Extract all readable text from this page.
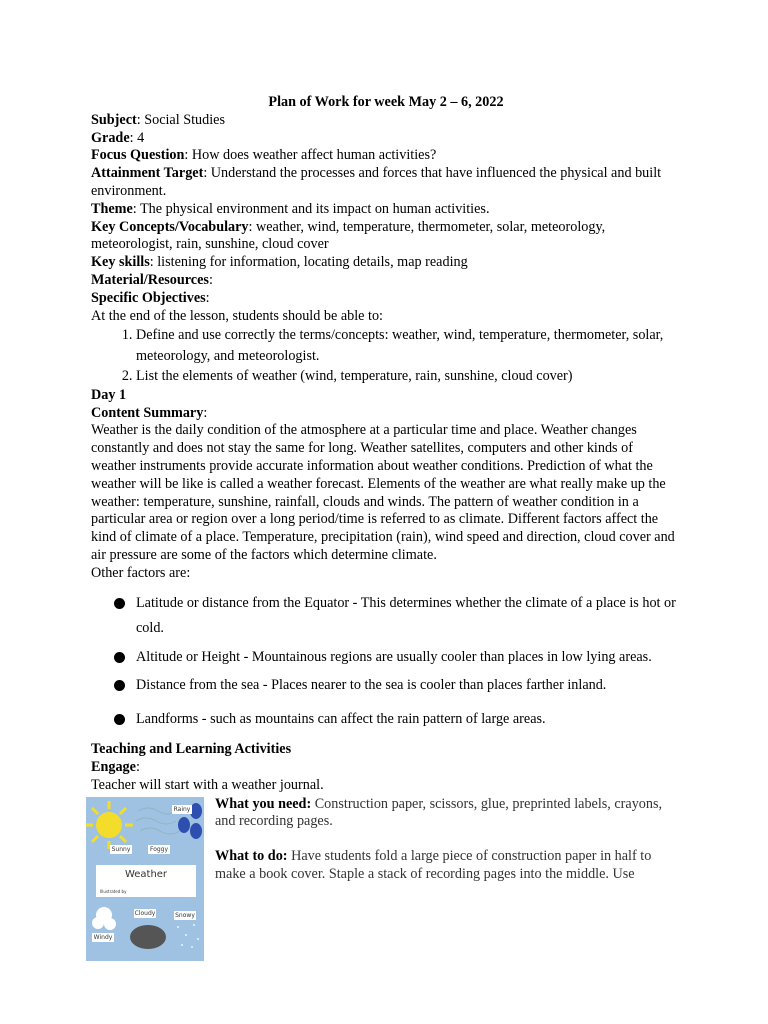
Plan of Work for week May 2 – 6, 2022

Subject: Social Studies

Grade: 4

Focus Question: How does weather affect human activities?

Attainment Target: Understand the processes and forces that have influenced the physical and built environment.

Theme: The physical environment and its impact on human activities.

Key Concepts/Vocabulary: weather, wind, temperature, thermometer, solar, meteorology, meteorologist, rain, sunshine, cloud cover

Key skills: listening for information, locating details, map reading

Material/Resources:

Specific Objectives:

At the end of the lesson, students should be able to:

1. Define and use correctly the terms/concepts: weather, wind, temperature, thermometer, solar, meteorology, and meteorologist.
2. List the elements of weather (wind, temperature, rain, sunshine, cloud cover)

Day 1

Content Summary:

Weather is the daily condition of the atmosphere at a particular time and place. Weather changes constantly and does not stay the same for long. Weather satellites, computers and other kinds of weather instruments provide accurate information about weather conditions. Prediction of what the weather will be like is called a weather forecast. Elements of the weather are what really make up the weather: temperature, sunshine, rainfall, clouds and winds. The pattern of weather condition in a particular area or region over a long period/time is referred to as climate. Different factors affect the kind of climate of a place. Temperature, precipitation (rain), wind speed and direction, cloud cover and air pressure are some of the factors which determine climate.

Other factors are:

Latitude or distance from the Equator - This determines whether the climate of a place is hot or cold.
Altitude or Height - Mountainous regions are usually cooler than places in low lying areas.
Distance from the sea - Places nearer to the sea is cooler than places farther inland.
Landforms - such as mountains can affect the rain pattern of large areas.

Teaching and Learning Activities

Engage:

Teacher will start with a weather journal.

Rainy
Sunny	Foggy
Weather
Illustrated by
Cloudy	Snowy
Windy

What you need: Construction paper, scissors, glue, preprinted labels, crayons, and recording pages.

What to do: Have students fold a large piece of construction paper in half to make a book cover. Staple a stack of recording pages into the middle. Use
